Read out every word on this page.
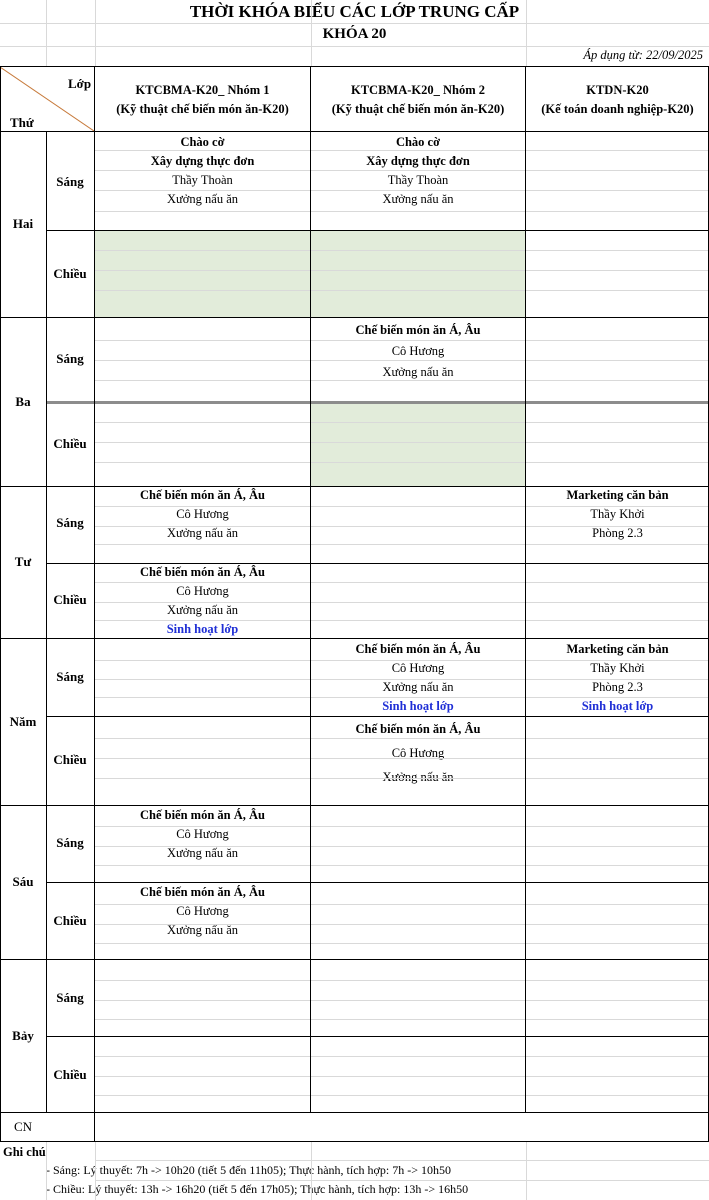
THỜI KHÓA BIỂU CÁC LỚP TRUNG CẤP
KHÓA 20
Áp dụng từ: 22/09/2025
Lớp
Thứ
KTCBMA-K20_ Nhóm 1
(Kỹ thuật chế biến món ăn-K20)
KTCBMA-K20_ Nhóm 2
(Kỹ thuật chế biến món ăn-K20)
KTDN-K20
(Kế toán doanh nghiệp-K20)
Hai
Ba
Tư
Năm
Sáu
Bảy
CN
Sáng
Chiều
Sáng
Chiều
Sáng
Chiều
Sáng
Chiều
Sáng
Chiều
Sáng
Chiều
Chào cờ
Xây dựng thực đơn
Thầy Thoàn
Xưởng nấu ăn
Chào cờ
Xây dựng thực đơn
Thầy Thoàn
Xưởng nấu ăn
Chế biến món ăn Á, Âu
Cô Hương
Xưởng nấu ăn
Chế biến món ăn Á, Âu
Cô Hương
Xưởng nấu ăn
Marketing căn bản
Thầy Khởi
Phòng 2.3
Chế biến món ăn Á, Âu
Cô Hương
Xưởng nấu ăn
Sinh hoạt lớp
Chế biến món ăn Á, Âu
Cô Hương
Xưởng nấu ăn
Sinh hoạt lớp
Marketing căn bản
Thầy Khởi
Phòng 2.3
Sinh hoạt lớp
Chế biến món ăn Á, Âu
Cô Hương
Xưởng nấu ăn
Chế biến món ăn Á, Âu
Cô Hương
Xưởng nấu ăn
Chế biến món ăn Á, Âu
Cô Hương
Xưởng nấu ăn
Ghi chú
- Sáng: Lý thuyết: 7h -> 10h20 (tiết 5 đến 11h05); Thực hành, tích hợp: 7h -> 10h50
- Chiều: Lý thuyết: 13h -> 16h20 (tiết 5 đến 17h05); Thực hành, tích hợp: 13h -> 16h50
